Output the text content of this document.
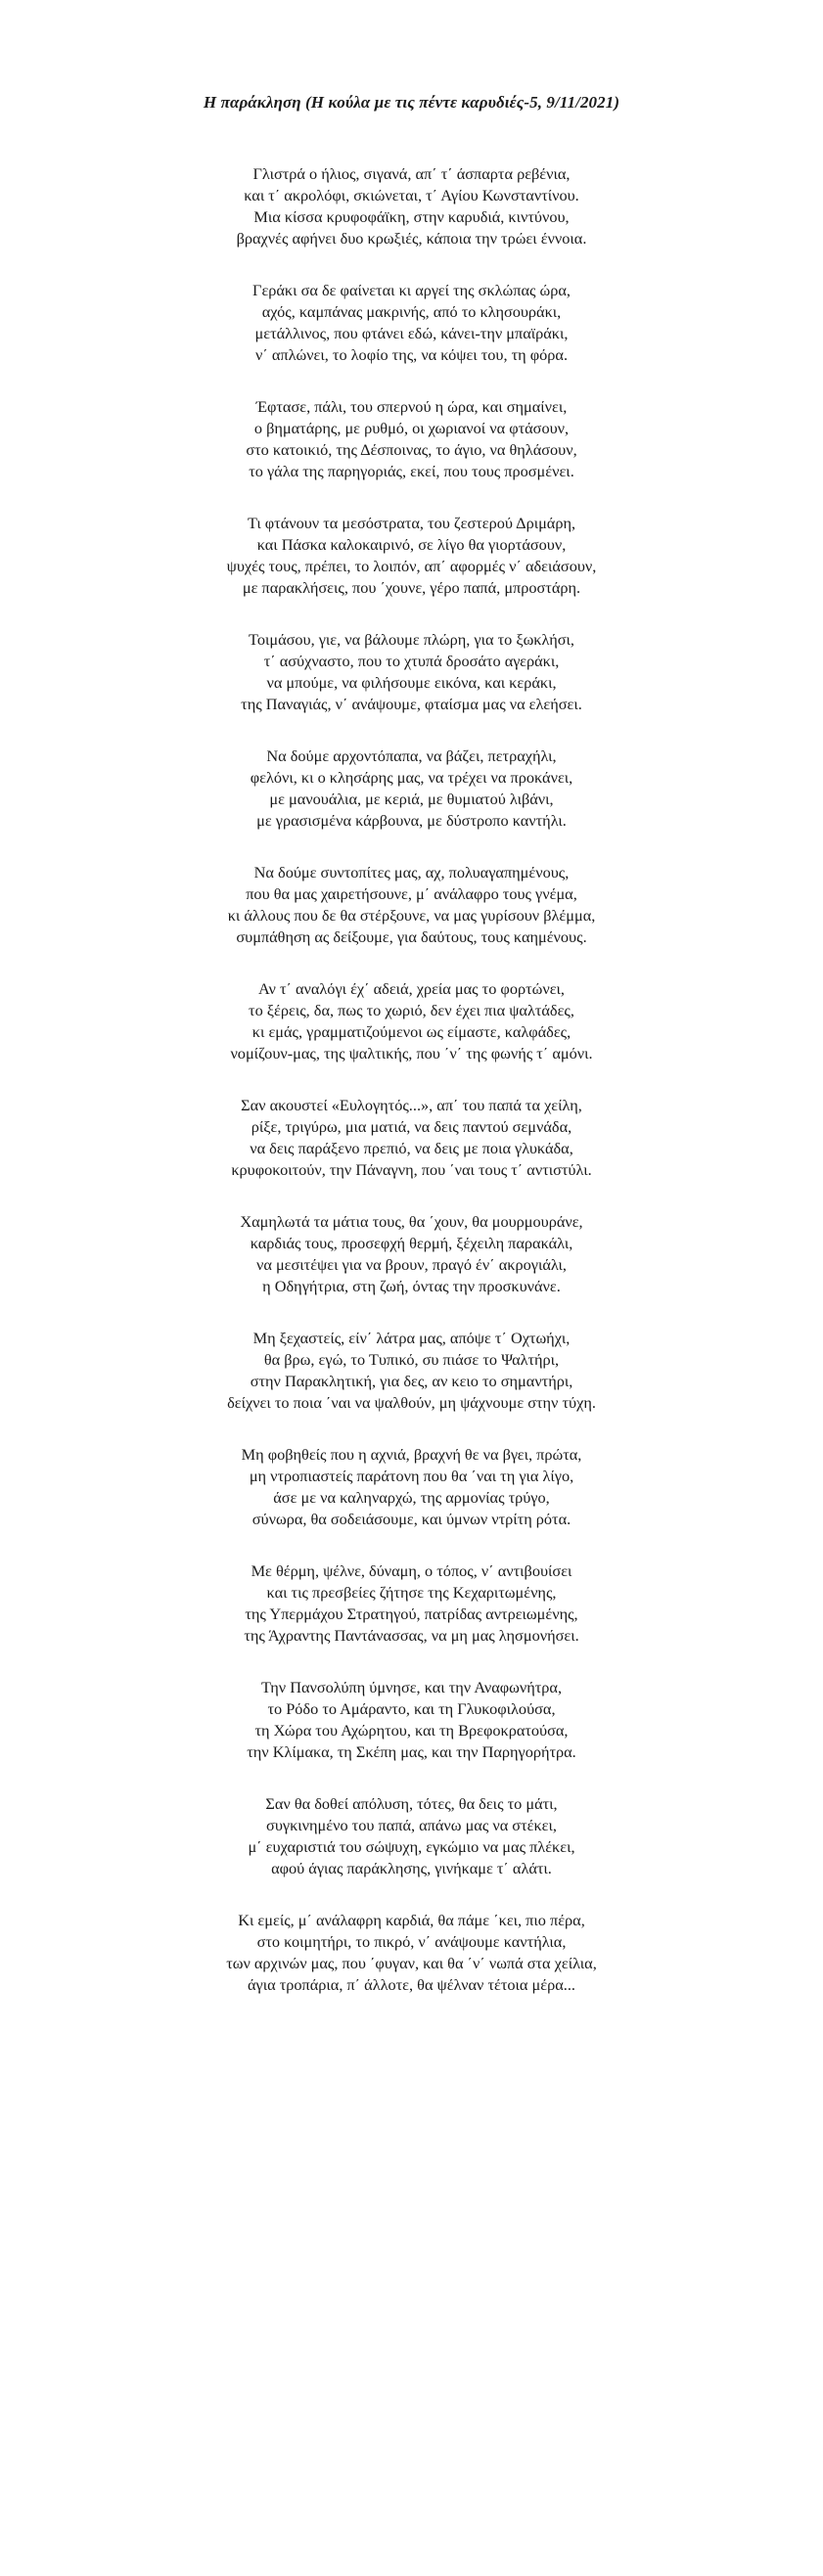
Η παράκληση (Η κούλα με τις πέντε καρυδιές-5, 9/11/2021)
Γλιστρά ο ήλιος, σιγανά, απ΄ τ΄ άσπαρτα ρεβένια,
και τ΄ ακρολόφι, σκιώνεται, τ΄ Αγίου Κωνσταντίνου.
Μια κίσσα κρυφοφάϊκη, στην καρυδιά, κιντύνου,
βραχνές αφήνει δυο κρωξιές, κάποια την τρώει έννοια.
Γεράκι σα δε φαίνεται κι αργεί της σκλώπας ώρα,
αχός, καμπάνας μακρινής, από το κλησουράκι,
μετάλλινος, που φτάνει εδώ, κάνει-την μπαϊράκι,
ν΄ απλώνει, το λοφίο της, να κόψει του, τη φόρα.
Έφτασε, πάλι, του σπερνού η ώρα, και σημαίνει,
ο βηματάρης, με ρυθμό, οι χωριανοί να φτάσουν,
στο κατοικιό, της Δέσποινας, το άγιο, να θηλάσουν,
το γάλα της παρηγοριάς, εκεί, που τους προσμένει.
Τι φτάνουν τα μεσόστρατα, του ζεστερού Δριμάρη,
και Πάσκα καλοκαιρινό, σε λίγο θα γιορτάσουν,
ψυχές τους, πρέπει, το λοιπόν, απ΄ αφορμές ν΄ αδειάσουν,
με παρακλήσεις, που ΄χουνε, γέρο παπά, μπροστάρη.
Τοιμάσου, γιε, να βάλουμε πλώρη, για το ξωκλήσι,
τ΄ ασύχναστο, που το χτυπά δροσάτο αγεράκι,
να μπούμε, να φιλήσουμε εικόνα, και κεράκι,
της Παναγιάς, ν΄ ανάψουμε, φταίσμα μας να ελεήσει.
Να δούμε αρχοντόπαπα, να βάζει, πετραχήλι,
φελόνι, κι ο κλησάρης μας, να τρέχει να προκάνει,
με μανουάλια, με κεριά, με θυμιατού λιβάνι,
με γρασισμένα κάρβουνα, με δύστροπο καντήλι.
Να δούμε συντοπίτες μας, αχ, πολυαγαπημένους,
που θα μας χαιρετήσουνε, μ΄ ανάλαφρο τους γνέμα,
κι άλλους που δε θα στέρξουνε, να μας γυρίσουν βλέμμα,
συμπάθηση ας δείξουμε, για δαύτους, τους καημένους.
Αν τ΄ αναλόγι έχ΄ αδειά, χρεία μας το φορτώνει,
το ξέρεις, δα, πως το χωριό, δεν έχει πια ψαλτάδες,
κι εμάς, γραμματιζούμενοι ως είμαστε, καλφάδες,
νομίζουν-μας, της ψαλτικής, που ΄ν΄ της φωνής τ΄ αμόνι.
Σαν ακουστεί «Ευλογητός...», απ΄ του παπά τα χείλη,
ρίξε, τριγύρω, μια ματιά, να δεις παντού σεμνάδα,
να δεις παράξενο πρεπιό, να δεις με ποια γλυκάδα,
κρυφοκοιτούν, την Πάναγνη, που ΄ναι τους τ΄ αντιστύλι.
Χαμηλωτά τα μάτια τους, θα ΄χουν, θα μουρμουράνε,
καρδιάς τους, προσεφχή θερμή, ξέχειλη παρακάλι,
να μεσιτέψει για να βρουν, πραγό έν΄ ακρογιάλι,
η Οδηγήτρια, στη ζωή, όντας την προσκυνάνε.
Μη ξεχαστείς, είν΄ λάτρα μας, απόψε τ΄ Οχτωήχι,
θα βρω, εγώ, το Τυπικό, συ πιάσε το Ψαλτήρι,
στην Παρακλητική, για δες, αν κειο το σημαντήρι,
δείχνει το ποια ΄ναι να ψαλθούν, μη ψάχνουμε στην τύχη.
Μη φοβηθείς που η αχνιά, βραχνή θε να βγει, πρώτα,
μη ντροπιαστείς παράτονη που θα ΄ναι τη για λίγο,
άσε με να καληναρχώ, της αρμονίας τρύγο,
σύνωρα, θα σοδειάσουμε, και ύμνων ντρίτη ρότα.
Με θέρμη, ψέλνε, δύναμη, ο τόπος, ν΄ αντιβουίσει
και τις πρεσβείες ζήτησε της Κεχαριτωμένης,
της Υπερμάχου Στρατηγού, πατρίδας αντρειωμένης,
της Άχραντης Παντάνασσας, να μη μας λησμονήσει.
Την Πανσολύπη ύμνησε, και την Αναφωνήτρα,
το Ρόδο το Αμάραντο, και τη Γλυκοφιλούσα,
τη Χώρα του Αχώρητου, και τη Βρεφοκρατούσα,
την Κλίμακα, τη Σκέπη μας, και την Παρηγορήτρα.
Σαν θα δοθεί απόλυση, τότες, θα δεις το μάτι,
συγκινημένο του παπά, απάνω μας να στέκει,
μ΄ ευχαριστιά του σώψυχη, εγκώμιο να μας πλέκει,
αφού άγιας παράκλησης, γινήκαμε τ΄ αλάτι.
Κι εμείς, μ΄ ανάλαφρη καρδιά, θα πάμε ΄κει, πιο πέρα,
στο κοιμητήρι, το πικρό, ν΄ ανάψουμε καντήλια,
των αρχινών μας, που ΄φυγαν, και θα ΄ν΄ νωπά στα χείλια,
άγια τροπάρια, π΄ άλλοτε, θα ψέλναν τέτοια μέρα...
